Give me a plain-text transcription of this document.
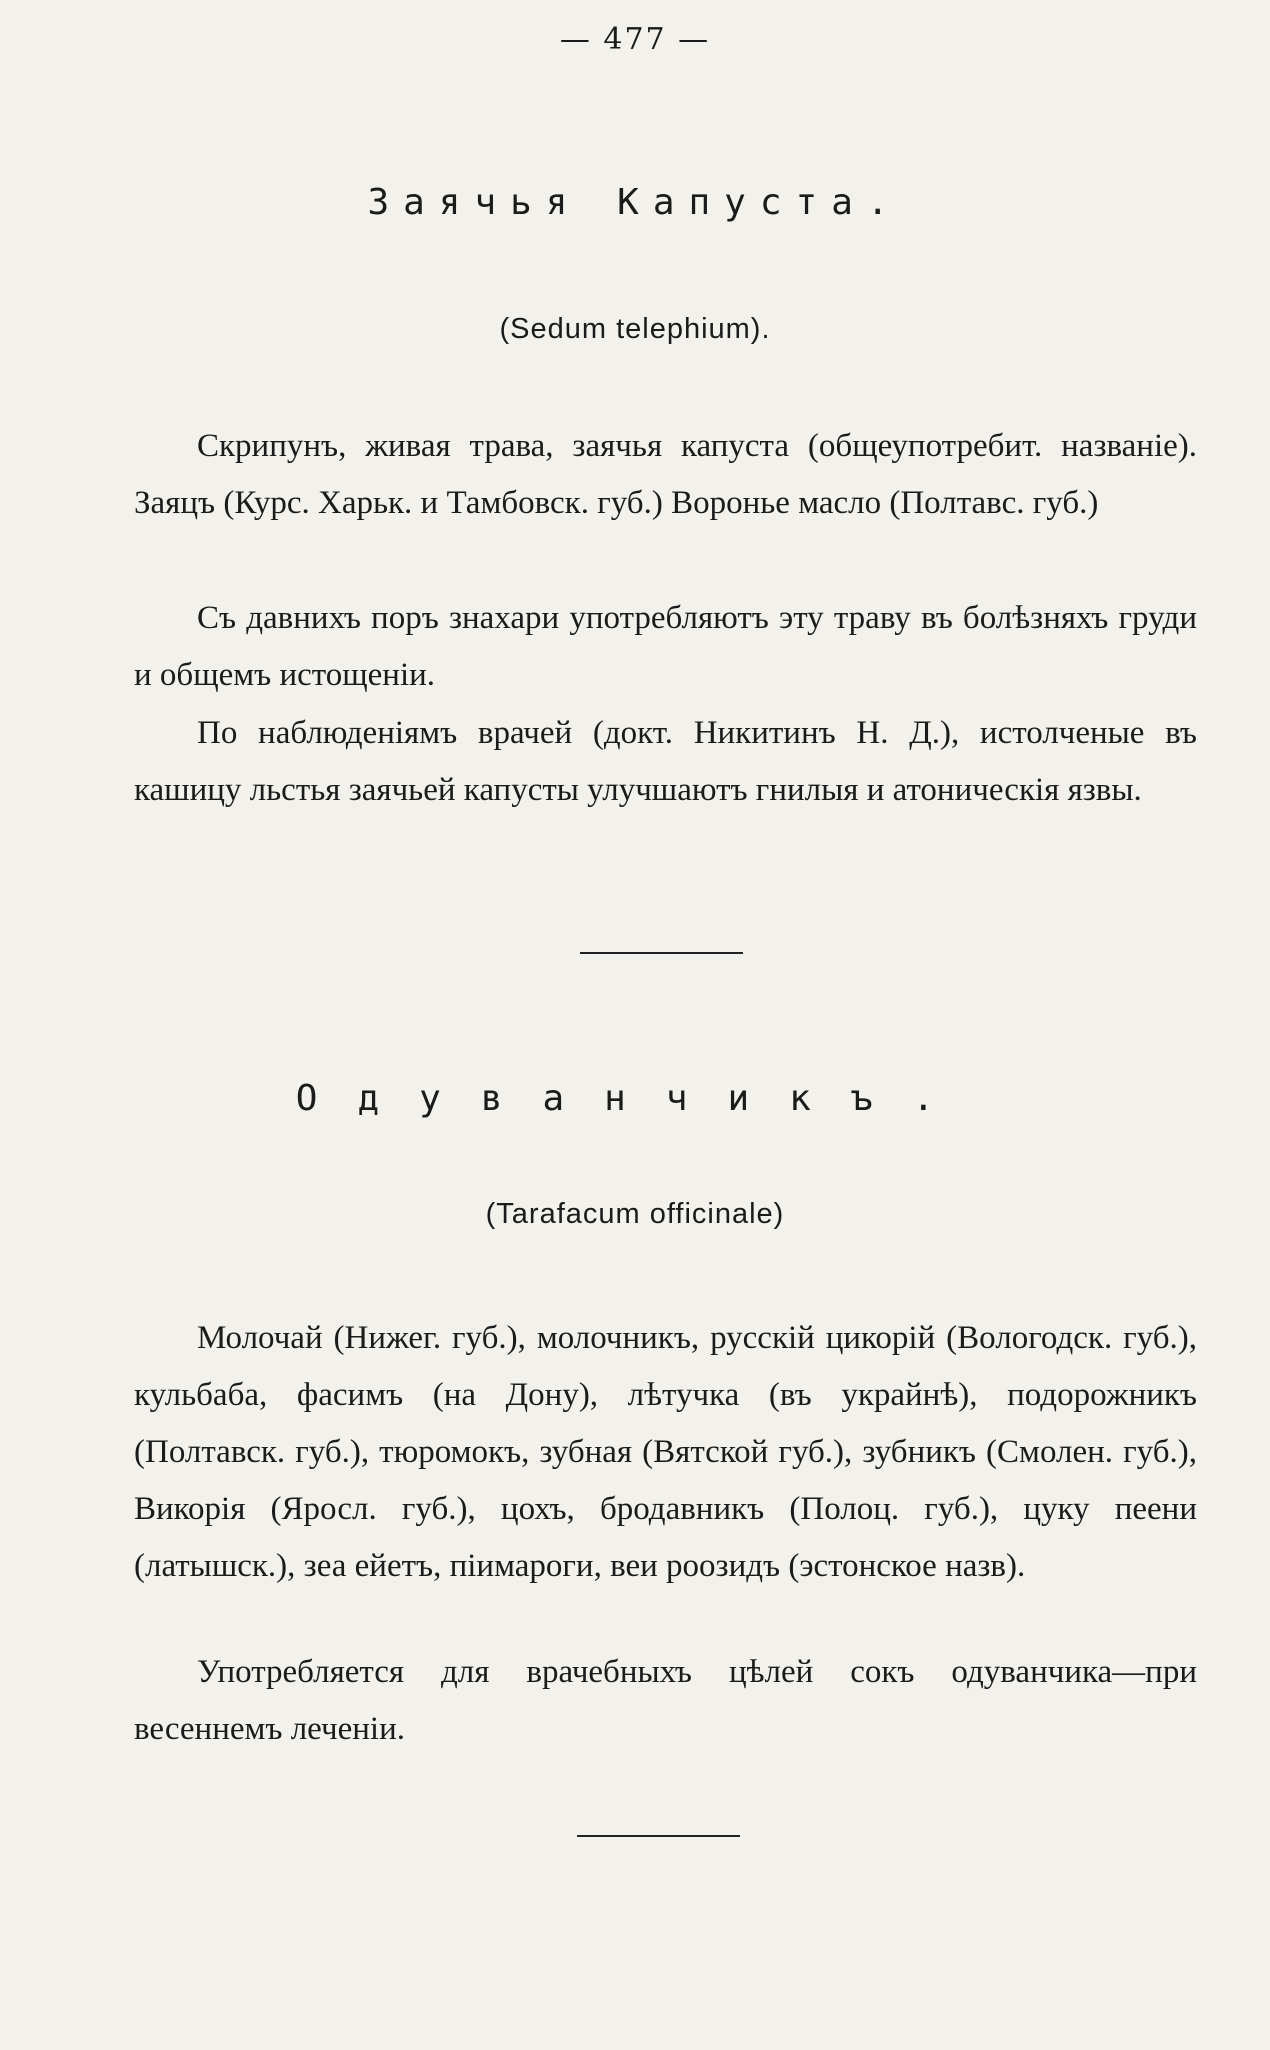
— 477 —
Заячья Капуста.
(Sedum telephium).

Скрипунъ, живая трава, заячья капуста (общеупотребит. названіе). Заяцъ (Курс. Харьк. и Тамбовск. губ.) Воронье масло (Полтавс. губ.)

Съ давнихъ поръ знахари употребляютъ эту траву въ болѣзняхъ груди и общемъ истощеніи.

По наблюденіямъ врачей (докт. Никитинъ Н. Д.), истолченые въ кашицу льстья заячьей капусты улучшаютъ гнилыя и атоническія язвы.

Одуванчикъ.
(Tarafacum officinale)

Молочай (Нижег. губ.), молочникъ, русскій цикорій (Вологодск. губ.), кульбаба, фасимъ (на Дону), лѣтучка (въ украйнѣ), подорожникъ (Полтавск. губ.), тюромокъ, зубная (Вятской губ.), зубникъ (Смолен. губ.), Викорія (Яросл. губ.), цохъ, бродавникъ (Полоц. губ.), цуку пеени (латышск.), зеа ейетъ, піимароги, веи роозидъ (эстонское назв).

Употребляется для врачебныхъ цѣлей сокъ одуванчика—при весеннемъ леченіи.
